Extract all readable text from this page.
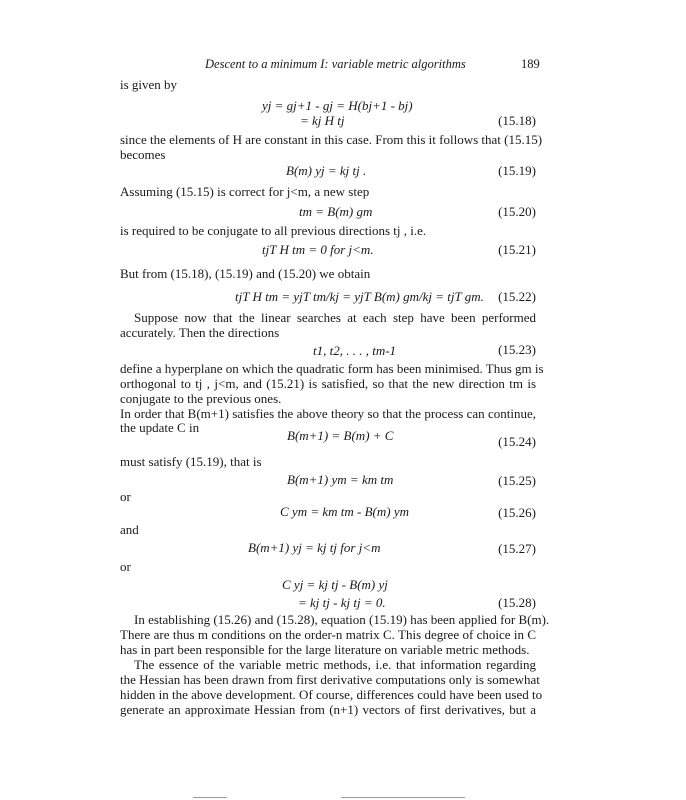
Descent to a minimum I: variable metric algorithms	189
is given by
yj = gj+1 - gj = H(bj+1 - bj)
= kj H tj	(15.18)
since the elements of H are constant in this case. From this it follows that (15.15)
becomes
B(m) yj = kj tj .	(15.19)
Assuming (15.15) is correct for j<m, a new step
tm = B(m) gm	(15.20)
is required to be conjugate to all previous directions tj , i.e.
tjT H tm = 0 for j<m.	(15.21)
But from (15.18), (15.19) and (15.20) we obtain
tjT H tm = yjT tm/kj = yjT B(m) gm/kj = tjT gm. (15.22)
Suppose now that the linear searches at each step have been performed
accurately. Then the directions
t1, t2, . . . , tm-1	(15.23)
define a hyperplane on which the quadratic form has been minimised. Thus gm is
orthogonal to tj , j<m, and (15.21) is satisfied, so that the new direction tm is
conjugate to the previous ones.
In order that B(m+1) satisfies the above theory so that the process can continue,
the update C in
B(m+1) = B(m) + C	(15.24)
must satisfy (15.19), that is
B(m+1) ym = km tm	(15.25)
or
C ym = km tm - B(m) ym	(15.26)
and
B(m+1) yj = kj tj for j<m	(15.27)
or
C yj = kj tj - B(m) yj
= kj tj - kj tj = 0.	(15.28)
In establishing (15.26) and (15.28), equation (15.19) has been applied for B(m).
There are thus m conditions on the order-n matrix C. This degree of choice in C
has in part been responsible for the large literature on variable metric methods.
The essence of the variable metric methods, i.e. that information regarding
the Hessian has been drawn from first derivative computations only is somewhat
hidden in the above development. Of course, differences could have been used to
generate an approximate Hessian from (n+1) vectors of first derivatives, but a
